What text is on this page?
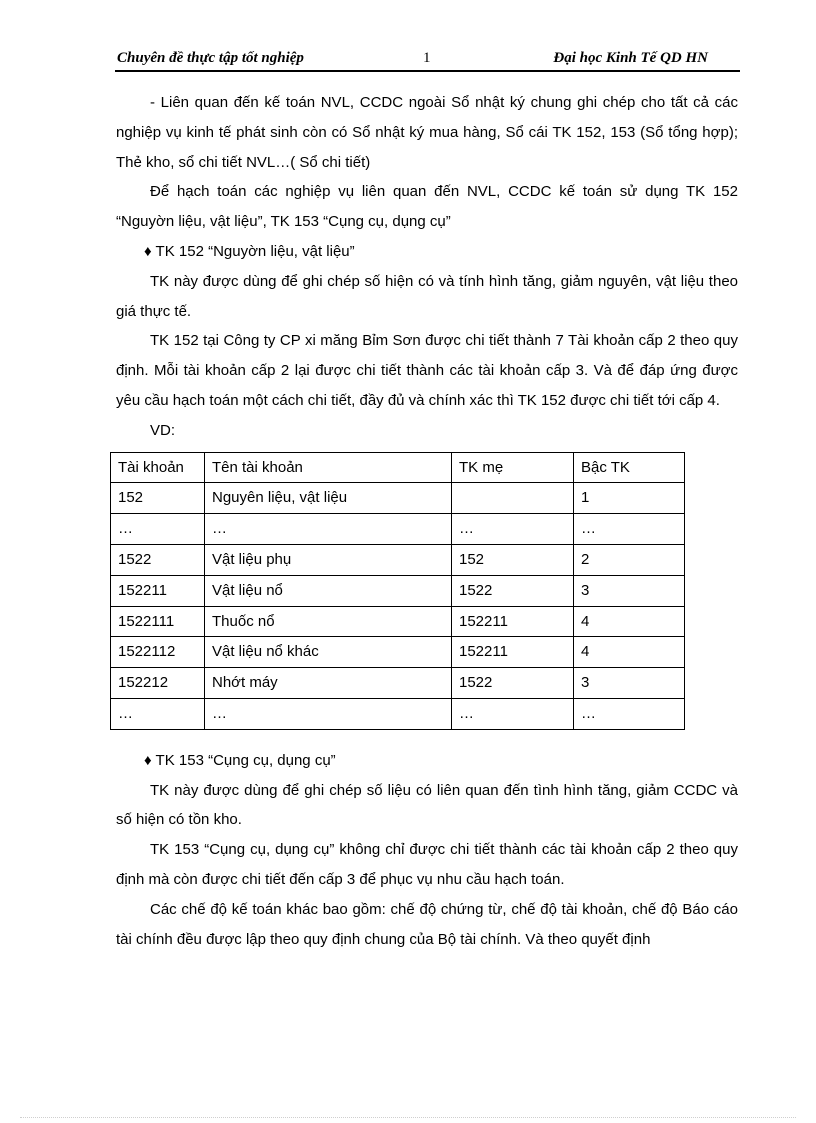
Chuyên đề thực tập tốt nghiệp	1	Đại học Kinh Tế QD HN

- Liên quan đến kế toán NVL, CCDC ngoài Sổ nhật ký chung ghi chép cho tất cả các nghiệp vụ kinh tế phát sinh còn có Sổ nhật ký mua hàng, Sổ cái TK 152, 153 (Sổ tổng hợp); Thẻ kho, sổ chi tiết NVL…( Sổ chi tiết)

Để hạch toán các nghiệp vụ liên quan đến NVL, CCDC kế toán sử dụng TK 152 “Nguyờn liệu, vật liệu”, TK 153 “Cụng cụ, dụng cụ”

♦ TK 152 “Nguyờn liệu, vật liệu”

TK này được dùng để ghi chép số hiện có và tính hình tăng, giảm nguyên, vật liệu theo giá thực tế.

TK 152 tại Công ty CP xi măng Bỉm Sơn được chi tiết thành 7 Tài khoản cấp 2 theo quy định. Mỗi tài khoản cấp 2 lại được chi tiết thành các tài khoản cấp 3. Và để đáp ứng được yêu cầu hạch toán một cách chi tiết, đầy đủ và chính xác thì TK 152 được chi tiết tới cấp 4.

VD:

Tài khoản	Tên tài khoản	TK mẹ	Bậc TK
152	Nguyên liệu, vật liệu		1
…	…	…	…
1522	Vật liệu phụ	152	2
152211	Vật liệu nổ	1522	3
1522111	Thuốc nổ	152211	4
1522112	Vật liệu nổ khác	152211	4
152212	Nhớt máy	1522	3
…	…	…	…

♦ TK 153 “Cụng cụ, dụng cụ”

TK này được dùng để ghi chép số liệu có liên quan đến tình hình tăng, giảm CCDC và số hiện có tồn kho.

TK 153 “Cụng cụ, dụng cụ” không chỉ được chi tiết thành các tài khoản cấp 2 theo quy định mà còn được chi tiết đến cấp 3 để phục vụ nhu cầu hạch toán.

Các chế độ kế toán khác bao gồm: chế độ chứng từ, chế độ tài khoản, chế độ Báo cáo tài chính đều được lập theo quy định chung của Bộ tài chính. Và theo quyết định
